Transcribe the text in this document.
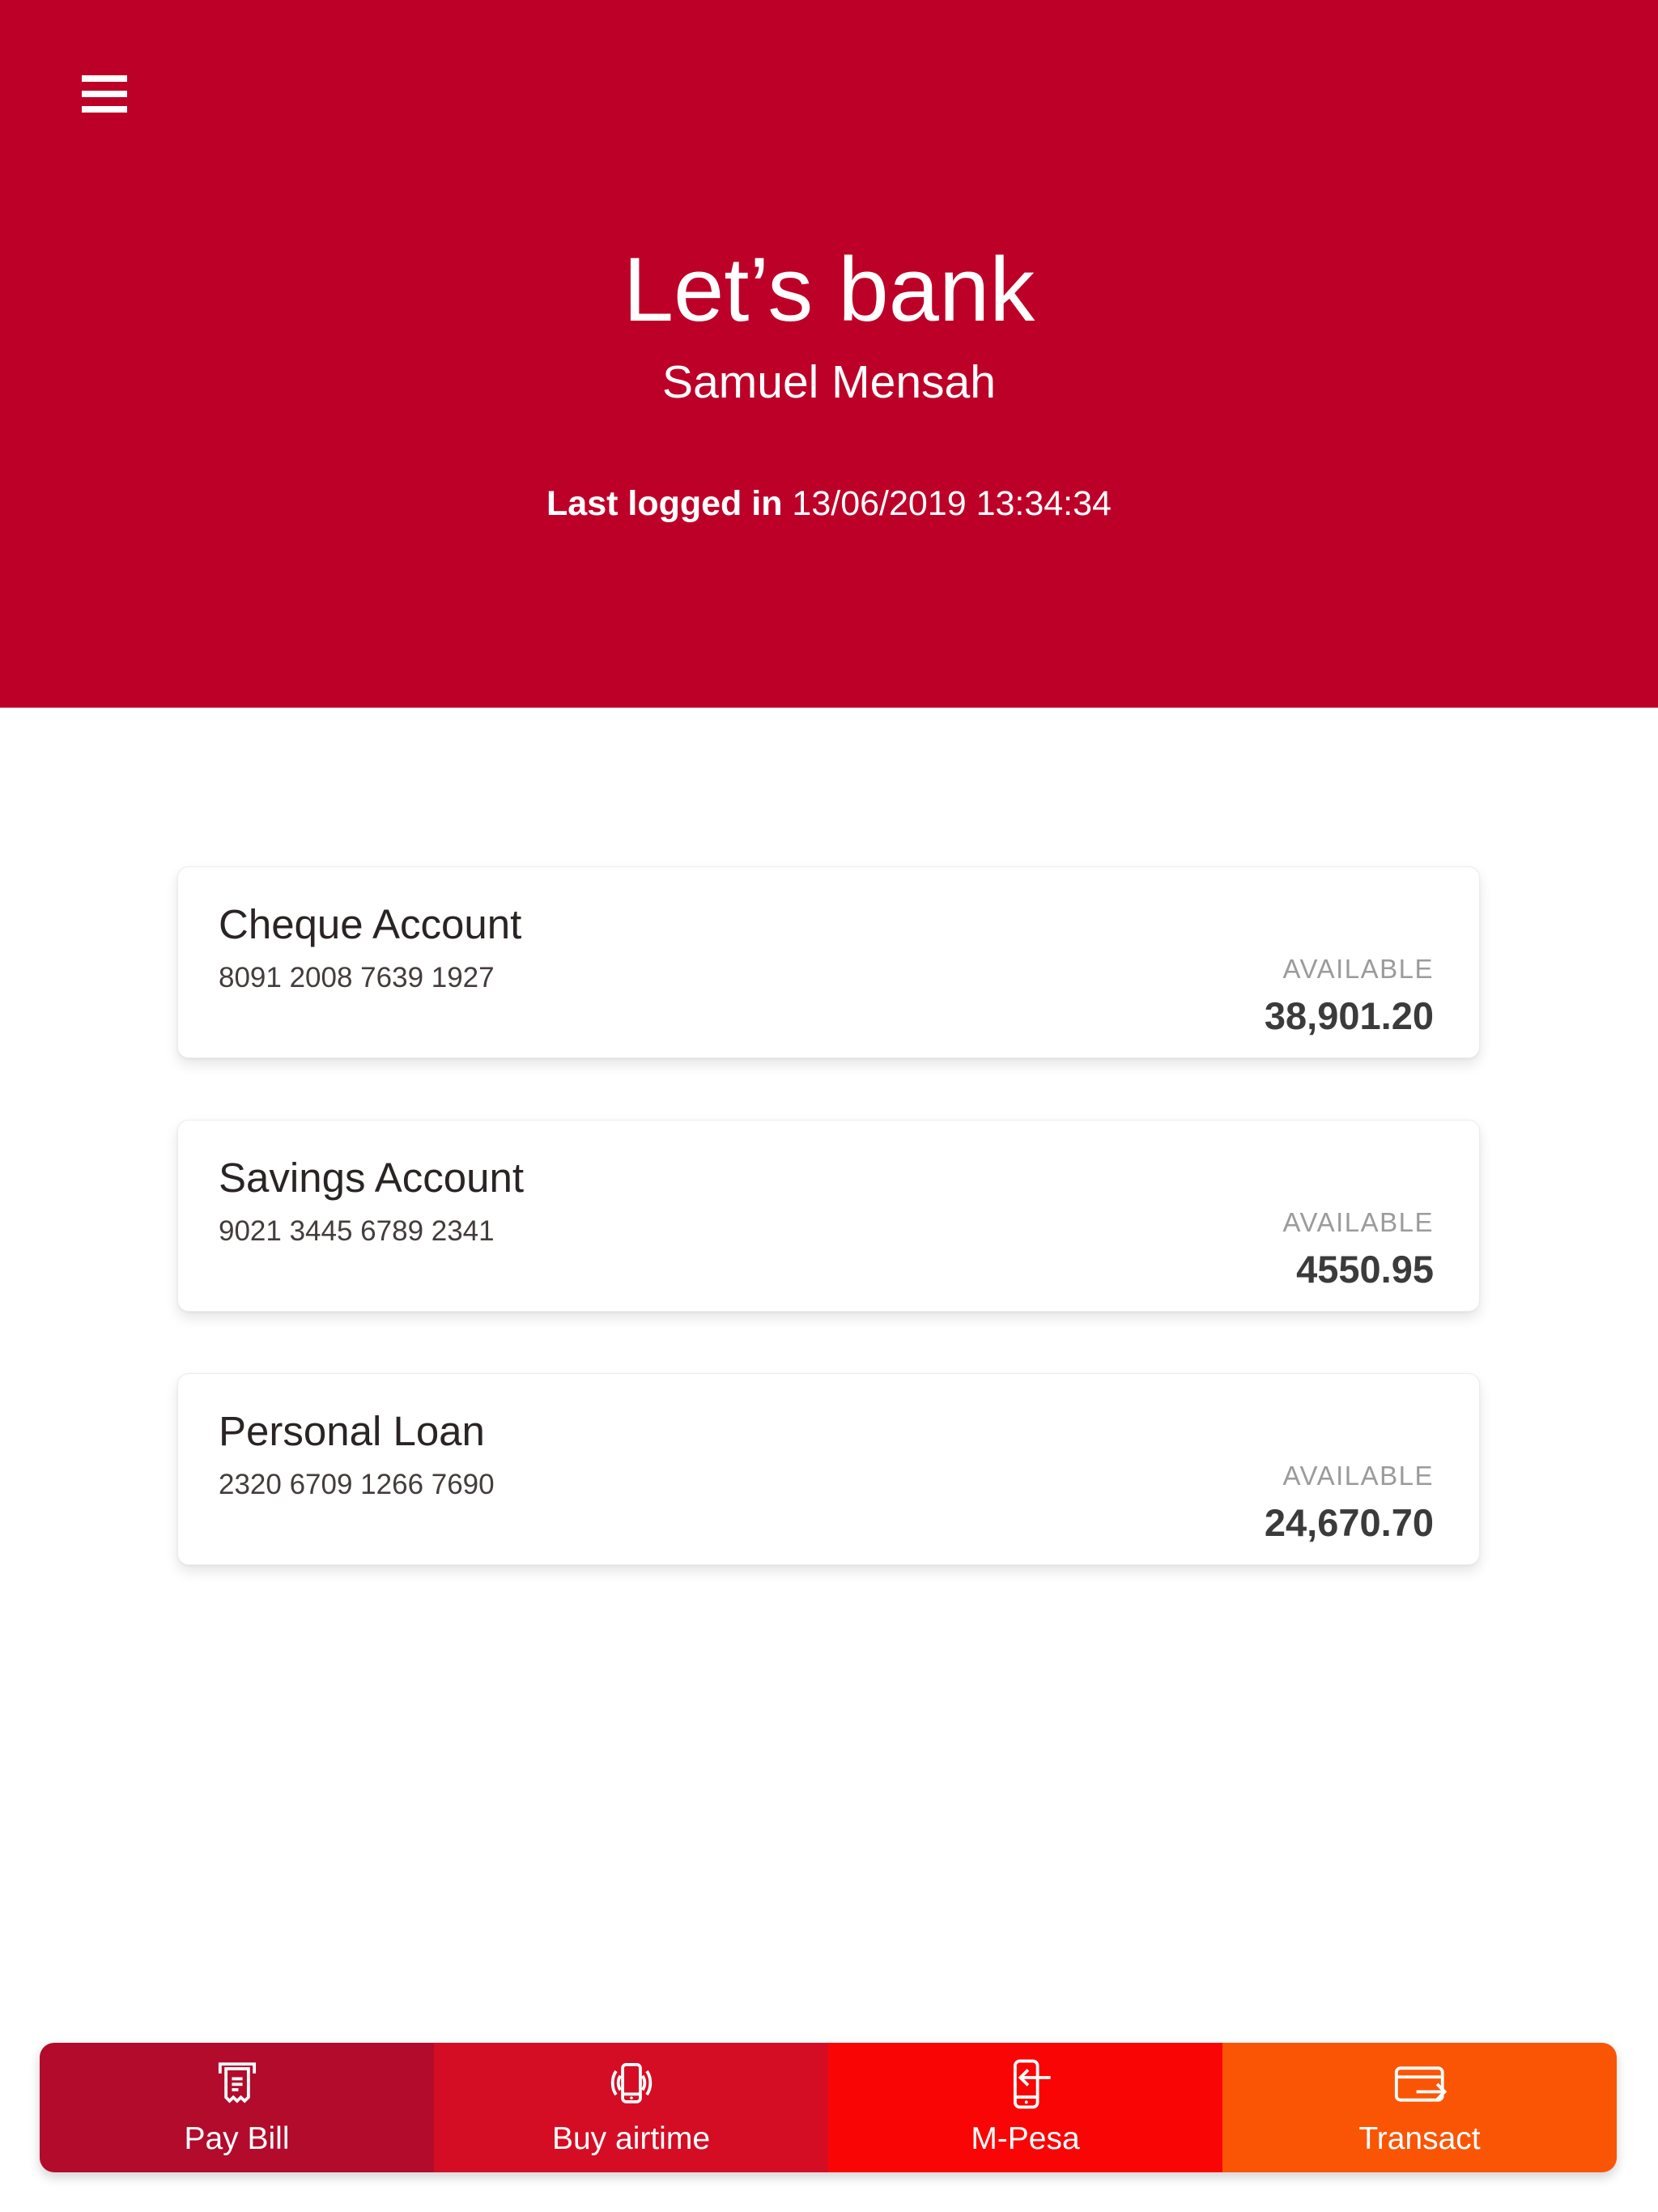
Let’s bank
Samuel Mensah
Last logged in 13/06/2019 13:34:34
Cheque Account
8091 2008 7639 1927	AVAILABLE
38,901.20
Savings Account
9021 3445 6789 2341	AVAILABLE
4550.95
Personal Loan
2320 6709 1266 7690	AVAILABLE
24,670.70
Pay Bill	Buy airtime	M-Pesa	Transact
